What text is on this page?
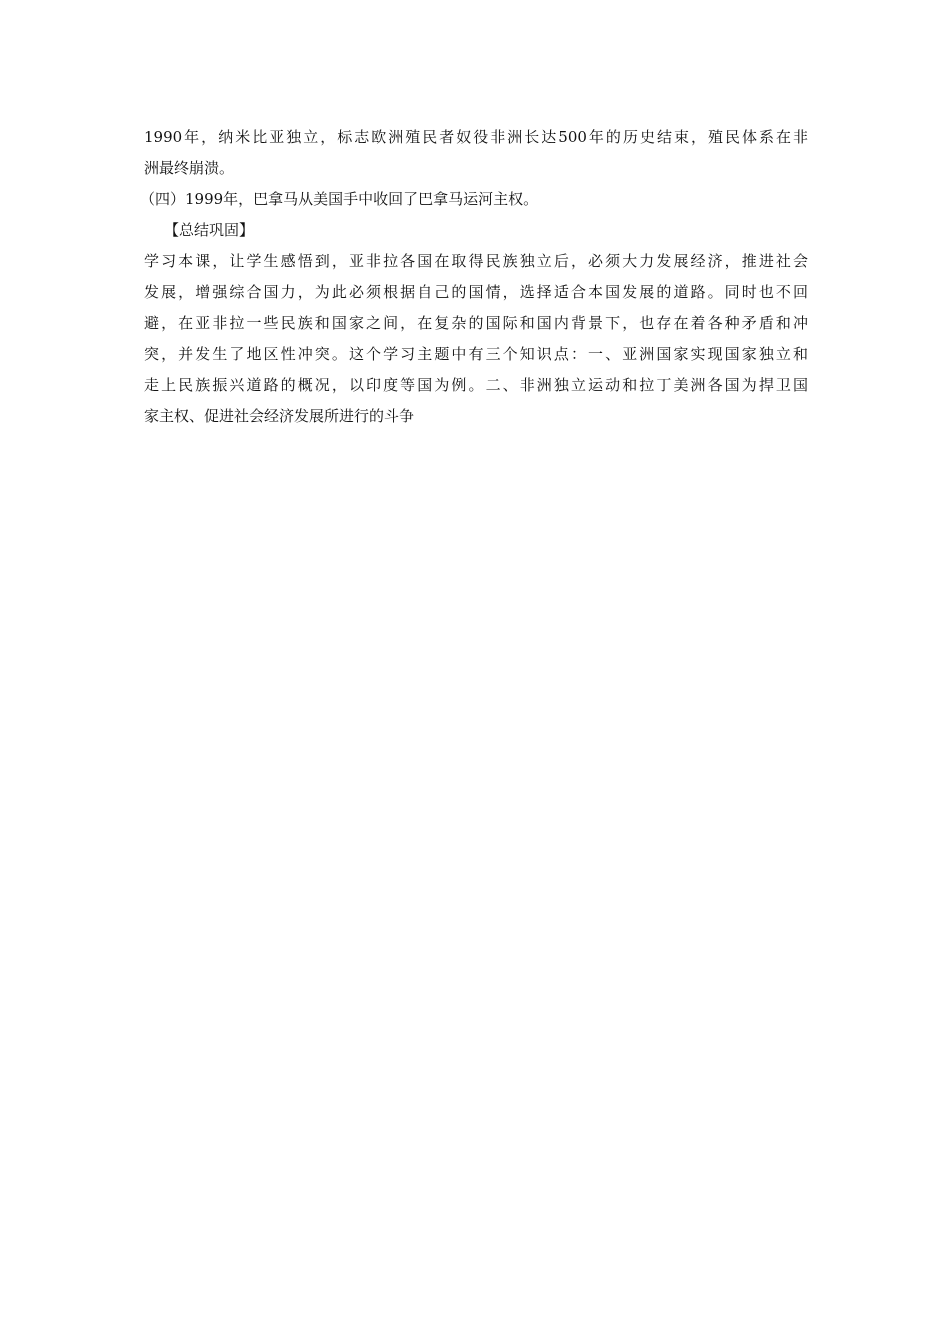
1990年，纳米比亚独立，标志欧洲殖民者奴役非洲长达500年的历史结束，殖民体系在非
洲最终崩溃。
（四）1999年，巴拿马从美国手中收回了巴拿马运河主权。
【总结巩固】
学习本课，让学生感悟到，亚非拉各国在取得民族独立后，必须大力发展经济，推进社会
发展，增强综合国力，为此必须根据自己的国情，选择适合本国发展的道路。同时也不回
避，在亚非拉一些民族和国家之间，在复杂的国际和国内背景下，也存在着各种矛盾和冲
突，并发生了地区性冲突。这个学习主题中有三个知识点：一、亚洲国家实现国家独立和
走上民族振兴道路的概况，以印度等国为例。二、非洲独立运动和拉丁美洲各国为捍卫国
家主权、促进社会经济发展所进行的斗争
